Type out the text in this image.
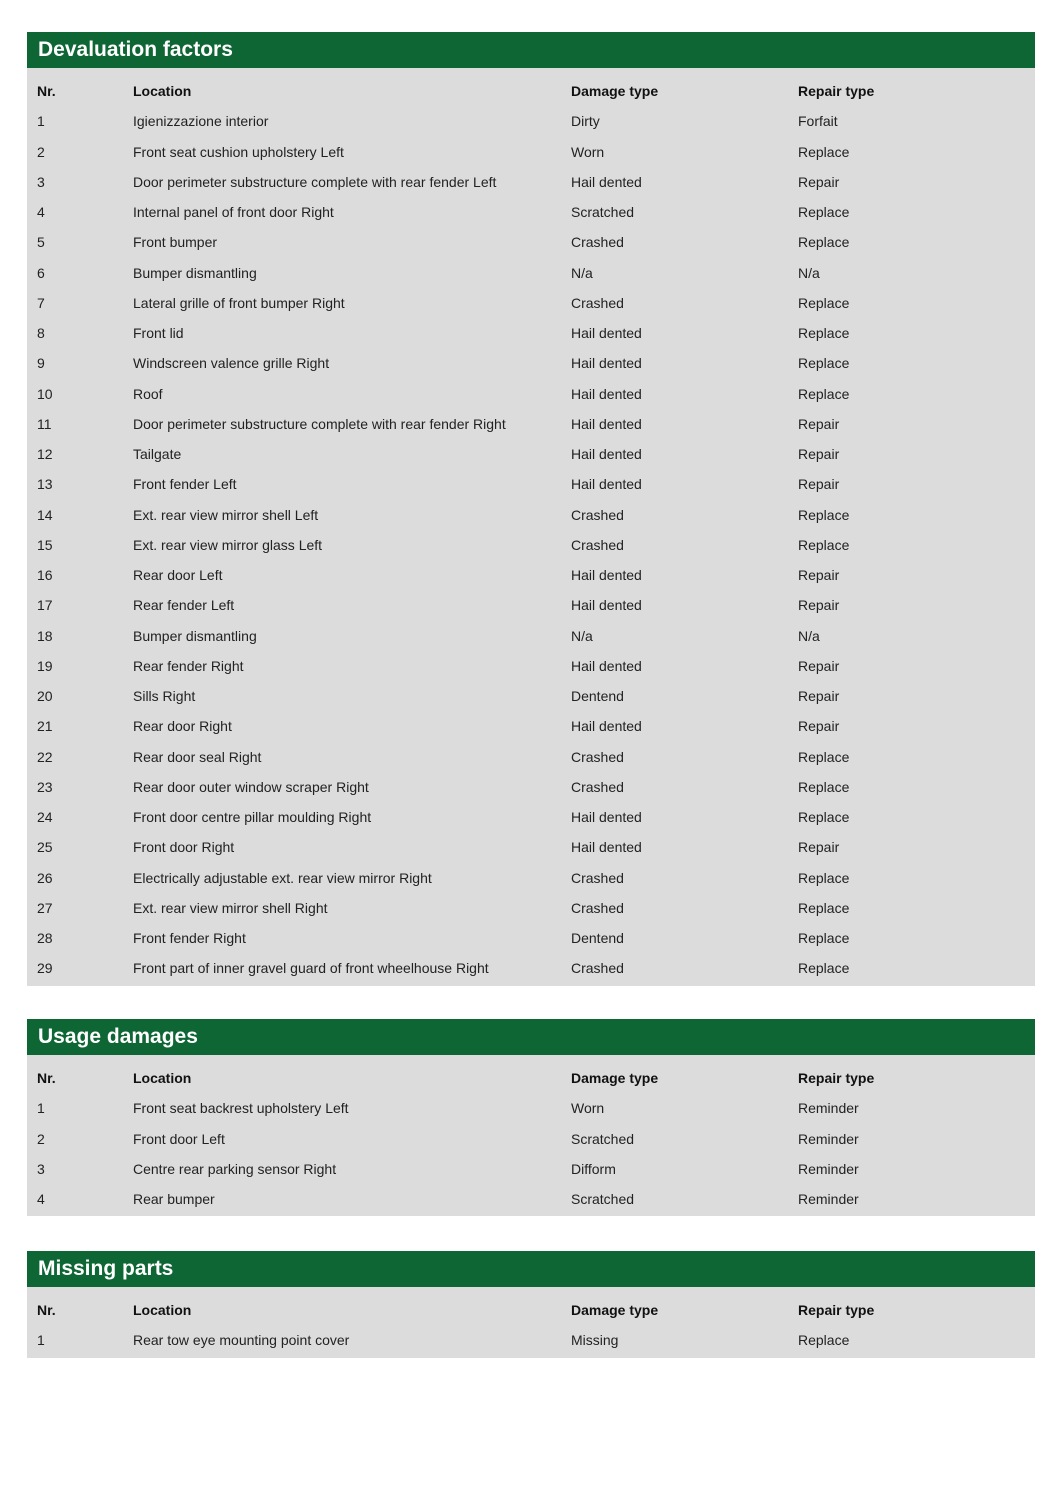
Devaluation factors
Nr.	Location	Damage type	Repair type
1	Igienizzazione interior	Dirty	Forfait
2	Front seat cushion upholstery Left	Worn	Replace
3	Door perimeter substructure complete with rear fender Left	Hail dented	Repair
4	Internal panel of front door Right	Scratched	Replace
5	Front bumper	Crashed	Replace
6	Bumper dismantling	N/a	N/a
7	Lateral grille of front bumper Right	Crashed	Replace
8	Front lid	Hail dented	Replace
9	Windscreen valence grille Right	Hail dented	Replace
10	Roof	Hail dented	Replace
11	Door perimeter substructure complete with rear fender Right	Hail dented	Repair
12	Tailgate	Hail dented	Repair
13	Front fender Left	Hail dented	Repair
14	Ext. rear view mirror shell Left	Crashed	Replace
15	Ext. rear view mirror glass Left	Crashed	Replace
16	Rear door Left	Hail dented	Repair
17	Rear fender Left	Hail dented	Repair
18	Bumper dismantling	N/a	N/a
19	Rear fender Right	Hail dented	Repair
20	Sills Right	Dentend	Repair
21	Rear door Right	Hail dented	Repair
22	Rear door seal Right	Crashed	Replace
23	Rear door outer window scraper Right	Crashed	Replace
24	Front door centre pillar moulding Right	Hail dented	Replace
25	Front door Right	Hail dented	Repair
26	Electrically adjustable ext. rear view mirror Right	Crashed	Replace
27	Ext. rear view mirror shell Right	Crashed	Replace
28	Front fender Right	Dentend	Replace
29	Front part of inner gravel guard of front wheelhouse Right	Crashed	Replace
Usage damages
Nr.	Location	Damage type	Repair type
1	Front seat backrest upholstery Left	Worn	Reminder
2	Front door Left	Scratched	Reminder
3	Centre rear parking sensor Right	Difform	Reminder
4	Rear bumper	Scratched	Reminder
Missing parts
Nr.	Location	Damage type	Repair type
1	Rear tow eye mounting point cover	Missing	Replace
